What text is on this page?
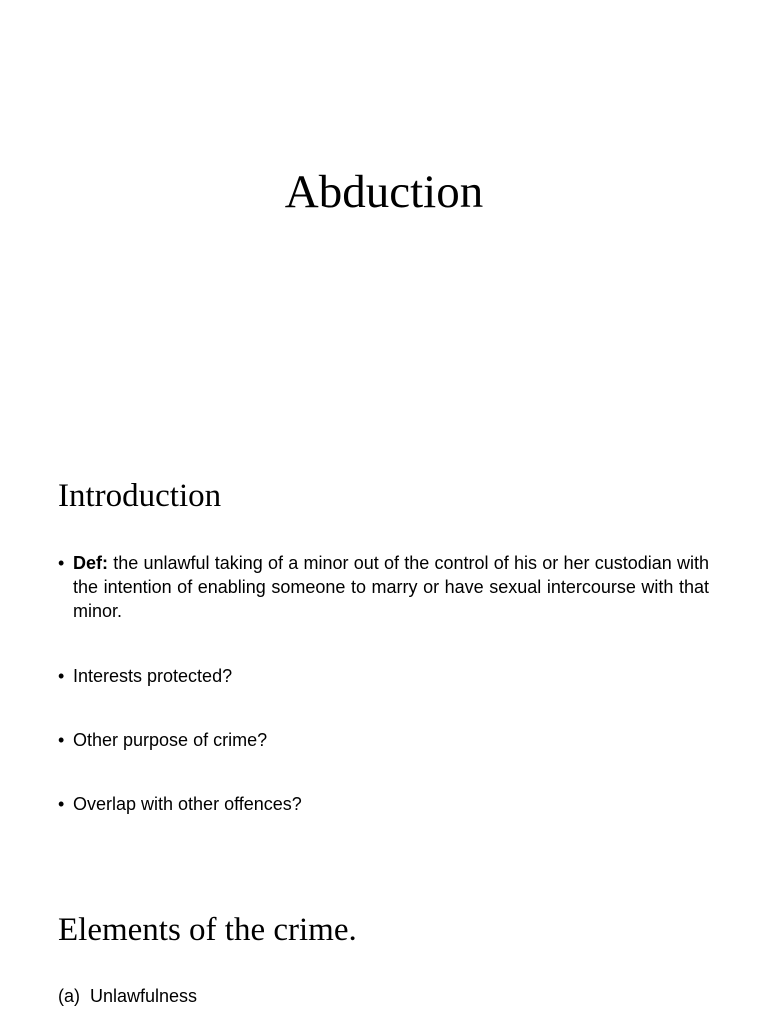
Abduction
Introduction
• Def: the unlawful taking of a minor out of the control of his or her custodian with the intention of enabling someone to marry or have sexual intercourse with that minor.
• Interests protected?
• Other purpose of crime?
• Overlap with other offences?
Elements of the crime.
(a) Unlawfulness
